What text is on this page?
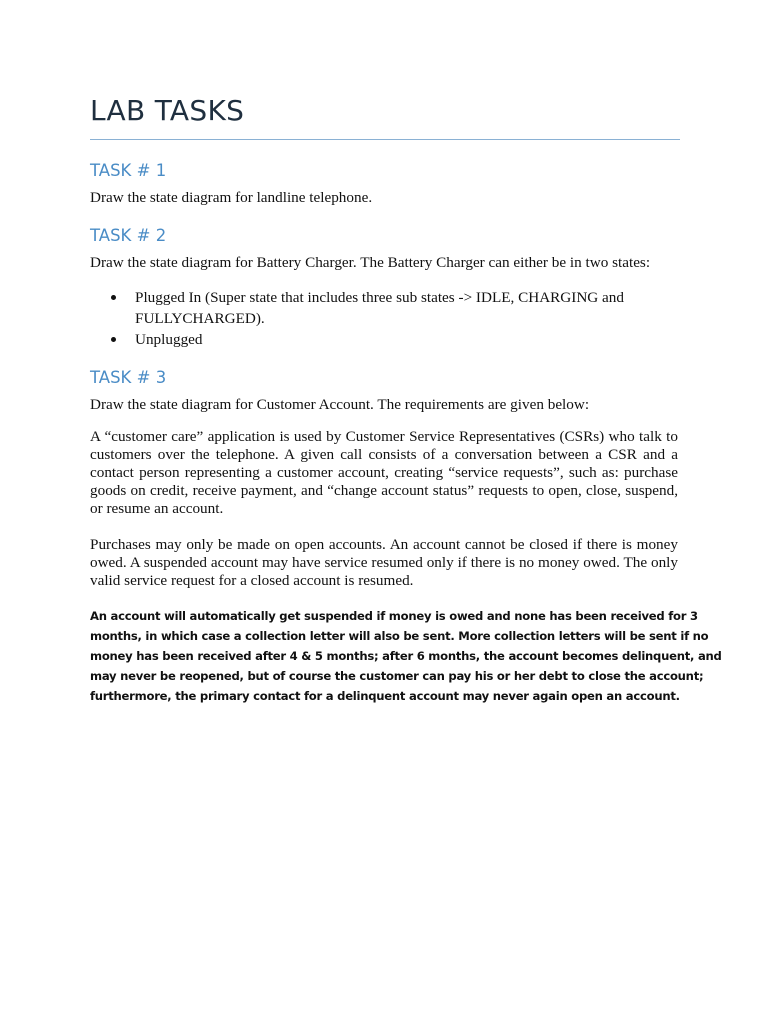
LAB TASKS
TASK # 1

Draw the state diagram for landline telephone.

TASK # 2

Draw the state diagram for Battery Charger. The Battery Charger can either be in two states:

Plugged In (Super state that includes three sub states -> IDLE, CHARGING and FULLYCHARGED).
Unplugged
TASK # 3

Draw the state diagram for Customer Account. The requirements are given below:

A “customer care” application is used by Customer Service Representatives (CSRs) who talk to customers over the telephone. A given call consists of a conversation between a CSR and a contact person representing a customer account, creating “service requests”, such as: purchase goods on credit, receive payment, and “change account status” requests to open, close, suspend, or resume an account.

Purchases may only be made on open accounts. An account cannot be closed if there is money owed. A suspended account may have service resumed only if there is no money owed. The only valid service request for a closed account is resumed.

An account will automatically get suspended if money is owed and none has been received for 3
months, in which case a collection letter will also be sent. More collection letters will be sent if no
money has been received after 4 & 5 months; after 6 months, the account becomes delinquent, and
may never be reopened, but of course the customer can pay his or her debt to close the account;
furthermore, the primary contact for a delinquent account may never again open an account.
